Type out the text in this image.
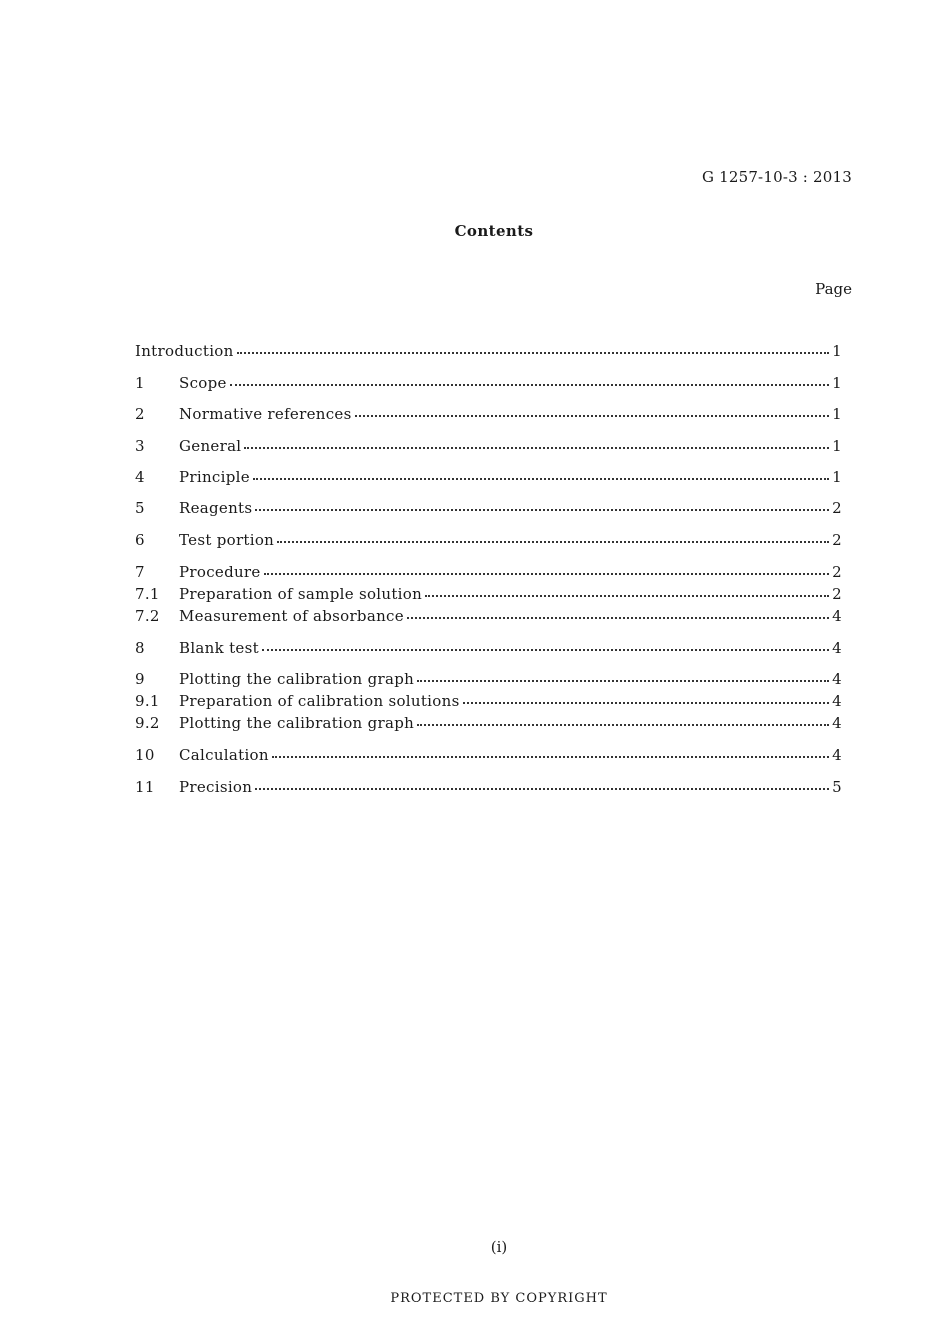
G 1257-10-3 : 2013
Contents
Page
Introduction	1
1	Scope	1
2	Normative references	1
3	General	1
4	Principle	1
5	Reagents	2
6	Test portion	2
7	Procedure	2
7.1	Preparation of sample solution	2
7.2	Measurement of absorbance	4
8	Blank test	4
9	Plotting the calibration graph	4
9.1	Preparation of calibration solutions	4
9.2	Plotting the calibration graph	4
10	Calculation	4
11	Precision	5
(i)
PROTECTED BY COPYRIGHT
